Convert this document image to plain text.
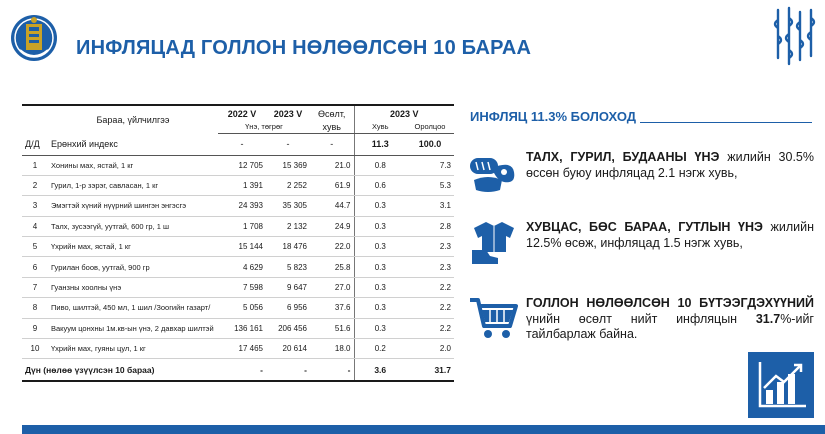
ИНФЛЯЦАД ГОЛЛОН НӨЛӨӨЛСӨН 10 БАРАА
	Бараа, үйлчилгээ	2022 V	2023 V	Өсөлт,	2023 V	
		Үнэ, төгрөг		хувь	Хувь	Оролцоо
Д/Д	Ерөнхий индекс	-	-	-	11.3	100.0
1	Хонины мах, ястай, 1 кг	12 705	15 369	21.0	0.8	7.3
2	Гурил, 1-р зэрэг, савласан, 1 кг	1 391	2 252	61.9	0.6	5.3
3	Эмэгтэй хүний нүүрний шингэн энгэсгэ	24 393	35 305	44.7	0.3	3.1
4	Талх, зусээгүй, уутгай, 600 гр, 1 ш	1 708	2 132	24.9	0.3	2.8
5	Үхрийн мах, ястай, 1 кг	15 144	18 476	22.0	0.3	2.3
6	Гурилан боов, уутгай, 900 гр	4 629	5 823	25.8	0.3	2.3
7	Гуанзны хоолны үнэ	7 598	9 647	27.0	0.3	2.2
8	Пиво, шилтэй, 450 мл, 1 шил /Зоогийн газарт/	5 056	6 956	37.6	0.3	2.2
9	Вакуум цонхны 1м.кв-ын үнэ, 2 давхар шилтэй	136 161	206 456	51.6	0.3	2.2
10	Үхрийн мах, гуяны цул, 1 кг	17 465	20 614	18.0	0.2	2.0
Дүн (нөлөө үзүүлсэн 10 бараа)		-	-	-	3.6	31.7
ИНФЛЯЦ 11.3% БОЛОХОД

ТАЛХ, ГУРИЛ, БУДААНЫ ҮНЭ жилийн 30.5% өссөн буюу инфляцад 2.1 нэгж хувь,

ХУВЦАС, БӨС БАРАА, ГУТЛЫН ҮНЭ жилийн 12.5% өсөж, инфляцад 1.5 нэгж хувь,

ГОЛЛОН НӨЛӨӨЛСӨН 10 БҮТЭЭГДЭХҮҮНИЙ үнийн өсөлт нийт инфляцын 31.7%-ийг тайлбарлаж байна.
